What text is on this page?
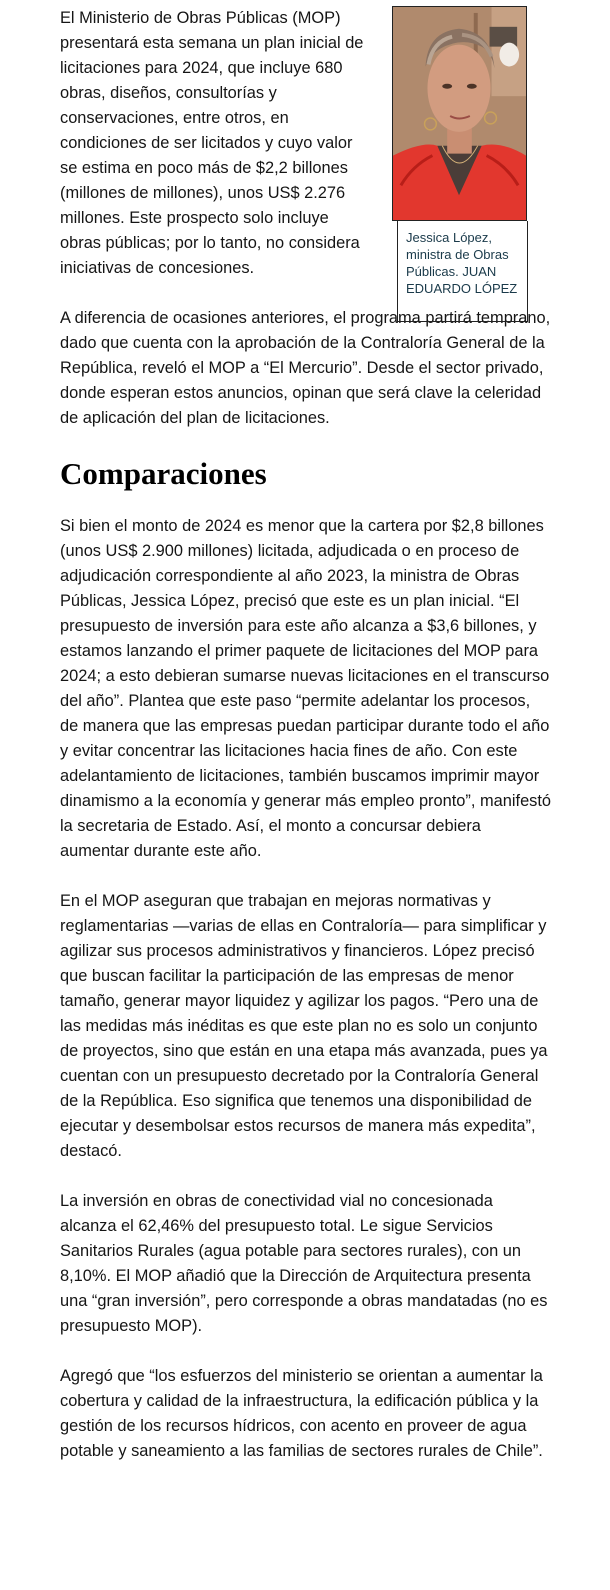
Jessica López, ministra de Obras Públicas. JUAN EDUARDO LÓPEZ

El Ministerio de Obras Públicas (MOP) presentará esta semana un plan inicial de licitaciones para 2024, que incluye 680 obras, diseños, consultorías y conservaciones, entre otros, en condiciones de ser licitados y cuyo valor se estima en poco más de $2,2 billones (millones de millones), unos US$ 2.276 millones. Este prospecto solo incluye obras públicas; por lo tanto, no considera iniciativas de concesiones.

A diferencia de ocasiones anteriores, el programa partirá temprano, dado que cuenta con la aprobación de la Contraloría General de la República, reveló el MOP a “El Mercurio”. Desde el sector privado, donde esperan estos anuncios, opinan que será clave la celeridad de aplicación del plan de licitaciones.

Comparaciones

Si bien el monto de 2024 es menor que la cartera por $2,8 billones (unos US$ 2.900 millones) licitada, adjudicada o en proceso de adjudicación correspondiente al año 2023, la ministra de Obras Públicas, Jessica López, precisó que este es un plan inicial. “El presupuesto de inversión para este año alcanza a $3,6 billones, y estamos lanzando el primer paquete de licitaciones del MOP para 2024; a esto debieran sumarse nuevas licitaciones en el transcurso del año”. Plantea que este paso “permite adelantar los procesos, de manera que las empresas puedan participar durante todo el año y evitar concentrar las licitaciones hacia fines de año. Con este adelantamiento de licitaciones, también buscamos imprimir mayor dinamismo a la economía y generar más empleo pronto”, manifestó la secretaria de Estado. Así, el monto a concursar debiera aumentar durante este año.

En el MOP aseguran que trabajan en mejoras normativas y reglamentarias —varias de ellas en Contraloría— para simplificar y agilizar sus procesos administrativos y financieros. López precisó que buscan facilitar la participación de las empresas de menor tamaño, generar mayor liquidez y agilizar los pagos. “Pero una de las medidas más inéditas es que este plan no es solo un conjunto de proyectos, sino que están en una etapa más avanzada, pues ya cuentan con un presupuesto decretado por la Contraloría General de la República. Eso significa que tenemos una disponibilidad de ejecutar y desembolsar estos recursos de manera más expedita”, destacó.

La inversión en obras de conectividad vial no concesionada alcanza el 62,46% del presupuesto total. Le sigue Servicios Sanitarios Rurales (agua potable para sectores rurales), con un 8,10%. El MOP añadió que la Dirección de Arquitectura presenta una “gran inversión”, pero corresponde a obras mandatadas (no es presupuesto MOP).

Agregó que “los esfuerzos del ministerio se orientan a aumentar la cobertura y calidad de la infraestructura, la edificación pública y la gestión de los recursos hídricos, con acento en proveer de agua potable y saneamiento a las familias de sectores rurales de Chile”.
